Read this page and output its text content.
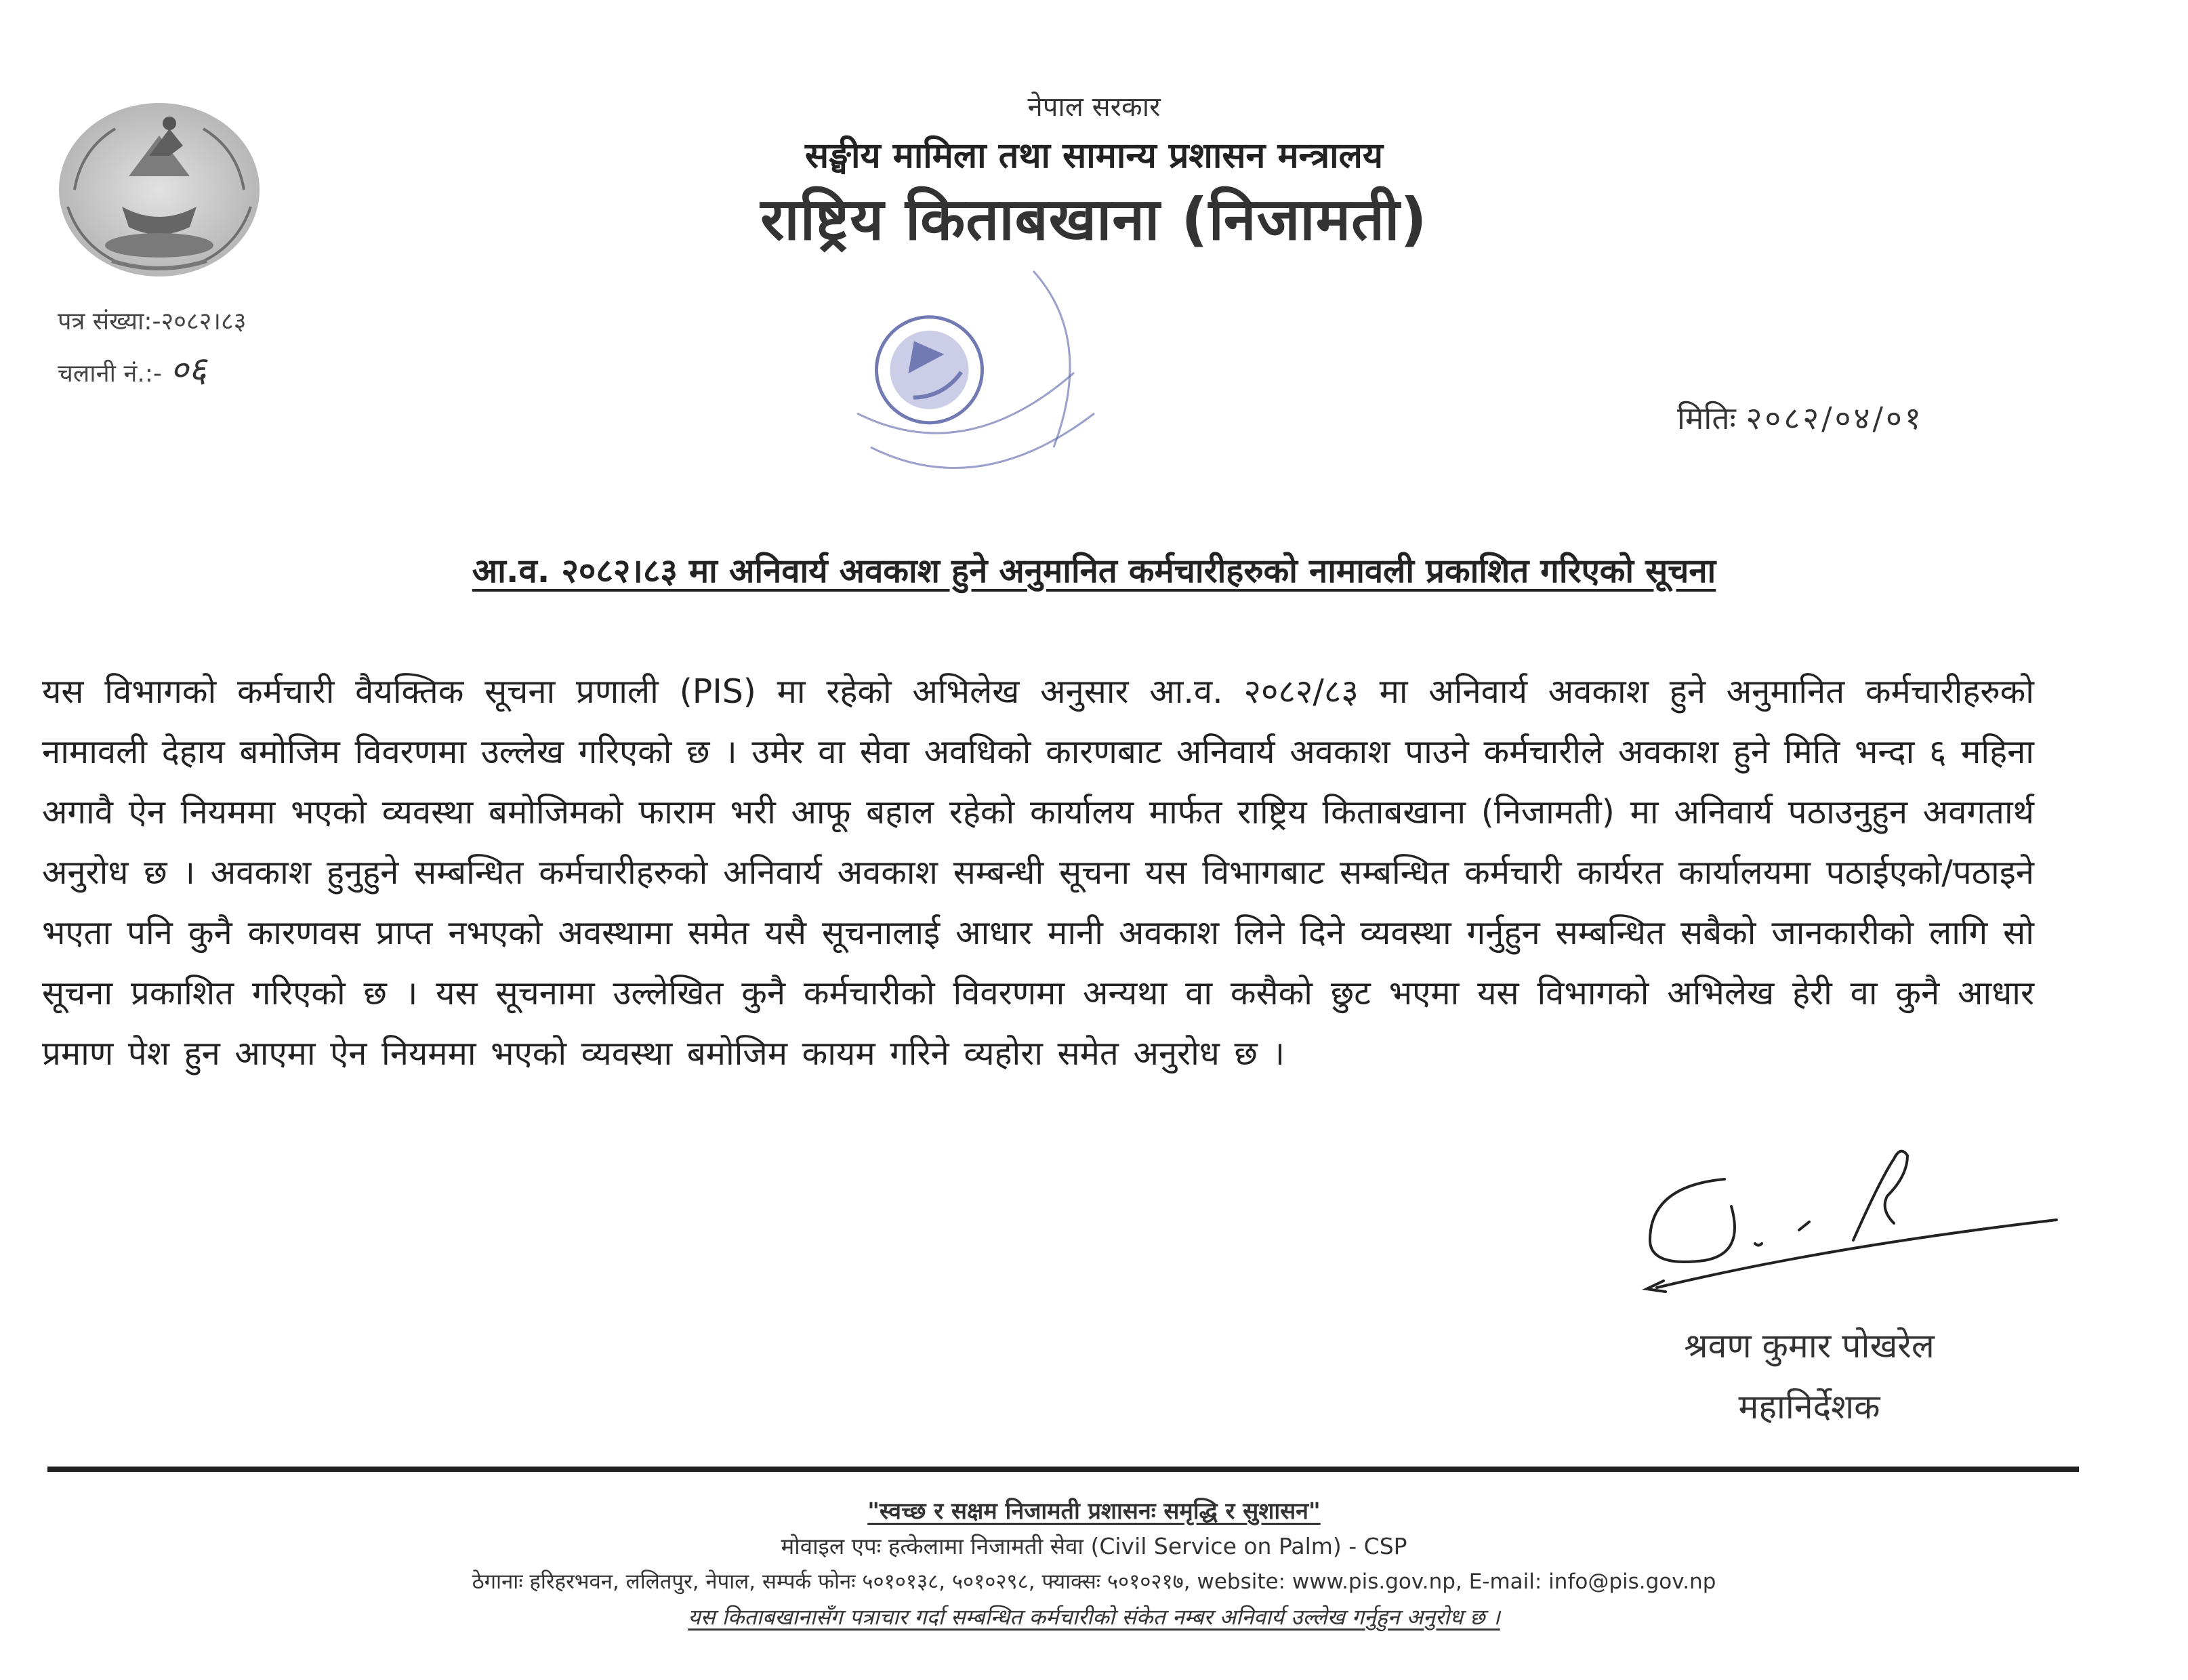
नेपाल सरकार
सङ्घीय मामिला तथा सामान्य प्रशासन मन्त्रालय
राष्ट्रिय किताबखाना (निजामती)
पत्र संख्या:-२०८२।८३
चलानी नं.:- ०६
मितिः २०८२/०४/०१
आ.व. २०८२।८३ मा अनिवार्य अवकाश हुने अनुमानित कर्मचारीहरुको नामावली प्रकाशित गरिएको सूचना
यस विभागको कर्मचारी वैयक्तिक सूचना प्रणाली (PIS) मा रहेको अभिलेख अनुसार आ.व. २०८२/८३ मा अनिवार्य अवकाश हुने अनुमानित कर्मचारीहरुको नामावली देहाय बमोजिम विवरणमा उल्लेख गरिएको छ । उमेर वा सेवा अवधिको कारणबाट अनिवार्य अवकाश पाउने कर्मचारीले अवकाश हुने मिति भन्दा ६ महिना अगावै ऐन नियममा भएको व्यवस्था बमोजिमको फाराम भरी आफू बहाल रहेको कार्यालय मार्फत राष्ट्रिय किताबखाना (निजामती) मा अनिवार्य पठाउनुहुन अवगतार्थ अनुरोध छ । अवकाश हुनुहुने सम्बन्धित कर्मचारीहरुको अनिवार्य अवकाश सम्बन्धी सूचना यस विभागबाट सम्बन्धित कर्मचारी कार्यरत कार्यालयमा पठाईएको/पठाइने भएता पनि कुनै कारणवस प्राप्त नभएको अवस्थामा समेत यसै सूचनालाई आधार मानी अवकाश लिने दिने व्यवस्था गर्नुहुन सम्बन्धित सबैको जानकारीको लागि सो सूचना प्रकाशित गरिएको छ । यस सूचनामा उल्लेखित कुनै कर्मचारीको विवरणमा अन्यथा वा कसैको छुट भएमा यस विभागको अभिलेख हेरी वा कुनै आधार प्रमाण पेश हुन आएमा ऐन नियममा भएको व्यवस्था बमोजिम कायम गरिने व्यहोरा समेत अनुरोध छ ।
श्रवण कुमार पोखरेल
महानिर्देशक
"स्वच्छ र सक्षम निजामती प्रशासनः समृद्धि र सुशासन"
मोवाइल एपः हत्केलामा निजामती सेवा (Civil Service on Palm) - CSP
ठेगानाः हरिहरभवन, ललितपुर, नेपाल, सम्पर्क फोनः ५०१०१३८, ५०१०२९८, फ्याक्सः ५०१०२१७, website: www.pis.gov.np, E-mail: info@pis.gov.np
यस किताबखानासँग पत्राचार गर्दा सम्बन्धित कर्मचारीको संकेत नम्बर अनिवार्य उल्लेख गर्नुहुन अनुरोध छ ।
